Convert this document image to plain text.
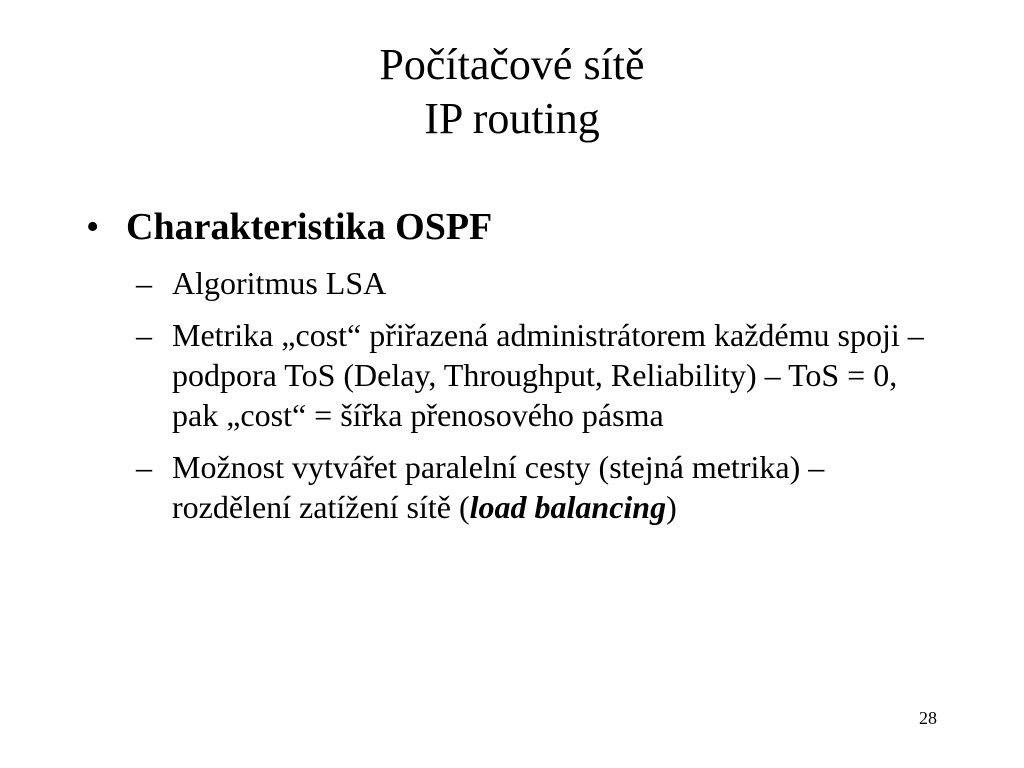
Počítačové sítě
IP routing
• Charakteristika OSPF
– Algoritmus LSA
– Metrika „cost“ přiřazená administrátorem každému spoji – podpora ToS (Delay, Throughput, Reliability) – ToS = 0, pak „cost“ = šířka přenosového pásma
– Možnost vytvářet paralelní cesty (stejná metrika) – rozdělení zatížení sítě (load balancing)
28
